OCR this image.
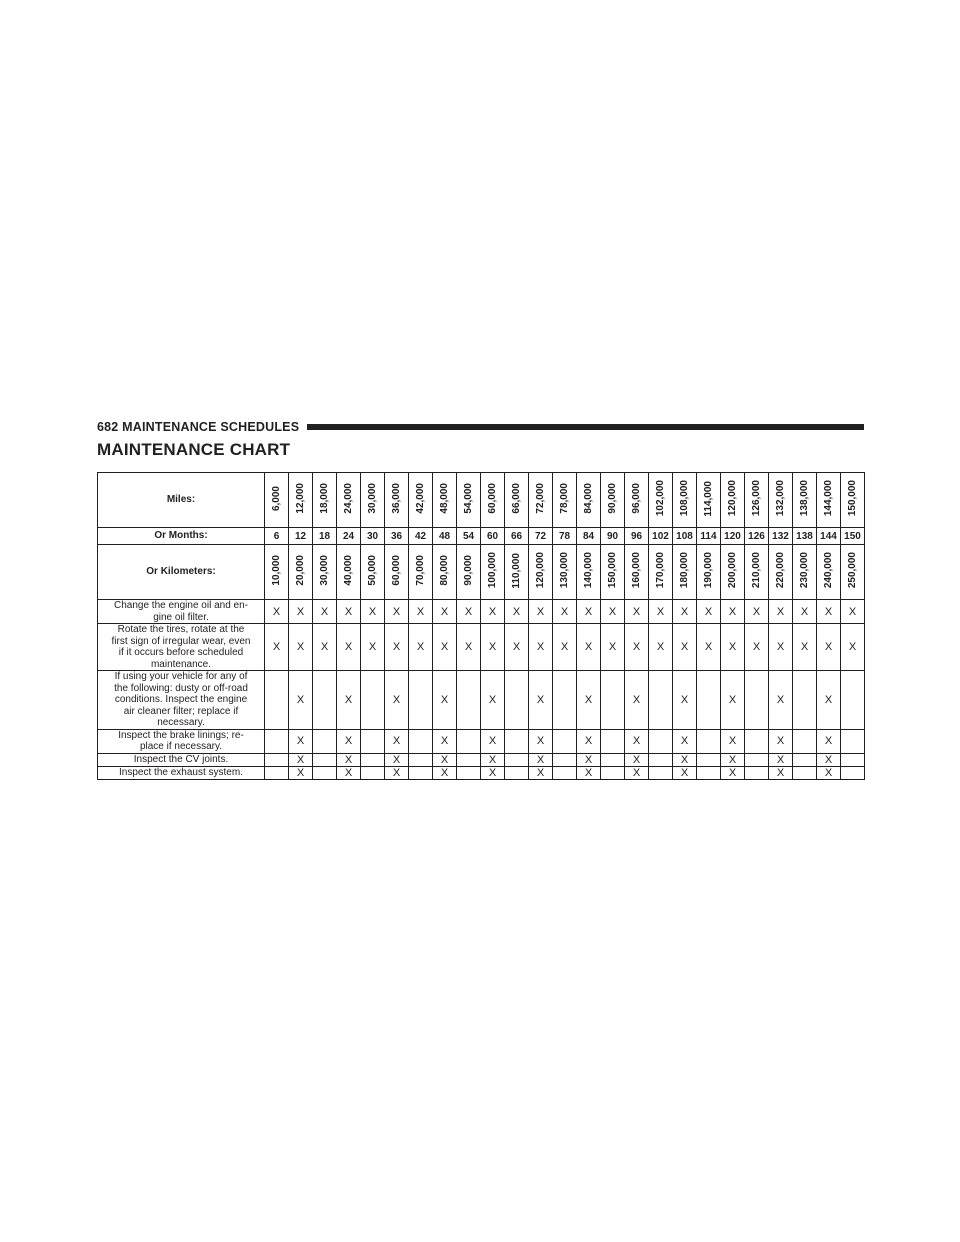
682 MAINTENANCE SCHEDULES
MAINTENANCE CHART
Miles:	6,000	12,000	18,000	24,000	30,000	36,000	42,000	48,000	54,000	60,000	66,000	72,000	78,000	84,000	90,000	96,000	102,000	108,000	114,000	120,000	126,000	132,000	138,000	144,000	150,000
Or Months:	6	12	18	24	30	36	42	48	54	60	66	72	78	84	90	96	102	108	114	120	126	132	138	144	150
Or Kilometers:	10,000	20,000	30,000	40,000	50,000	60,000	70,000	80,000	90,000	100,000	110,000	120,000	130,000	140,000	150,000	160,000	170,000	180,000	190,000	200,000	210,000	220,000	230,000	240,000	250,000
Change the engine oil and en-
gine oil filter.	X	X	X	X	X	X	X	X	X	X	X	X	X	X	X	X	X	X	X	X	X	X	X	X	X
Rotate the tires, rotate at the
first sign of irregular wear, even
if it occurs before scheduled
maintenance.	X	X	X	X	X	X	X	X	X	X	X	X	X	X	X	X	X	X	X	X	X	X	X	X	X
If using your vehicle for any of
the following: dusty or off-road
conditions. Inspect the engine
air cleaner filter; replace if
necessary.		X		X		X		X		X		X		X		X		X		X		X		X	
Inspect the brake linings; re-
place if necessary.		X		X		X		X		X		X		X		X		X		X		X		X	
Inspect the CV joints.		X		X		X		X		X		X		X		X		X		X		X		X	
Inspect the exhaust system.		X		X		X		X		X		X		X		X		X		X		X		X	
